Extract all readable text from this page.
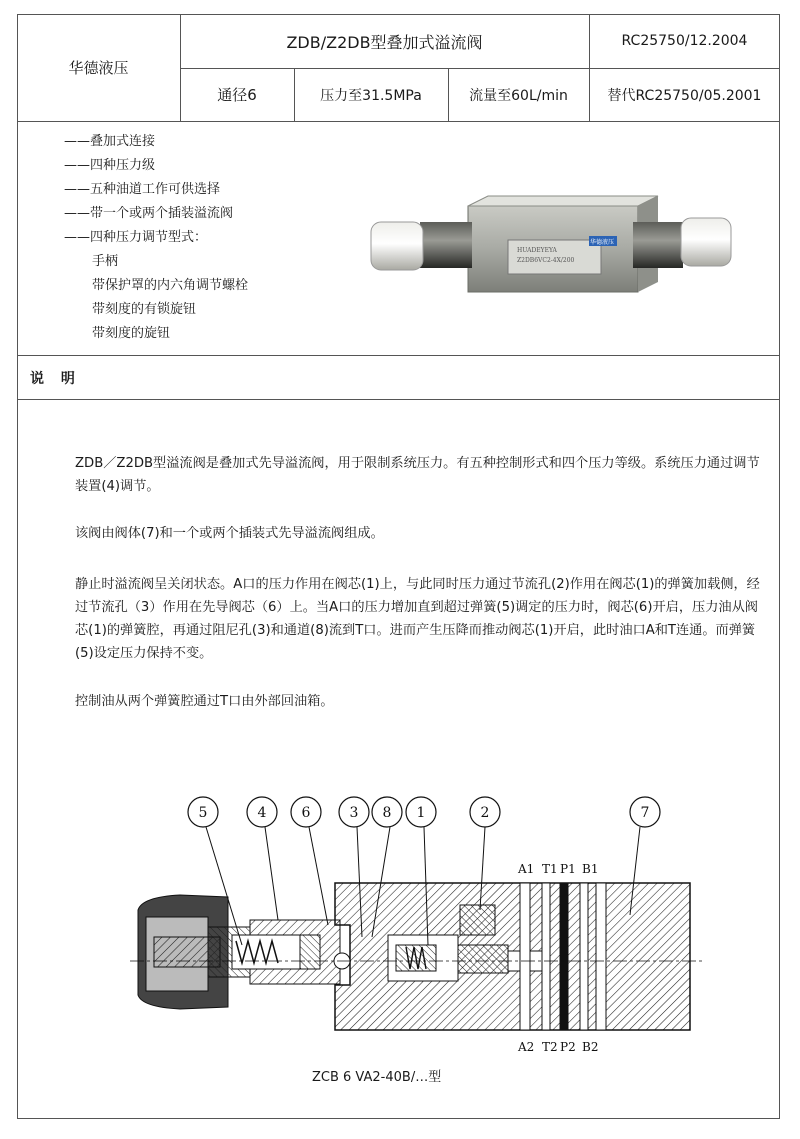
华德液压
ZDB/Z2DB型叠加式溢流阀	RC25750/12.2004
通径6	压力至31.5MPa	流量至60L/min	替代RC25750/05.2001
——叠加式连接
——四种压力级
——五种油道工作可供选择
——带一个或两个插装溢流阀
——四种压力调节型式：
手柄
带保护罩的内六角调节螺栓
带刻度的有锁旋钮
带刻度的旋钮
HUADEYEYA
Z2DB6VC2-4X/200
华德液压
说 明
ZDB／Z2DB型溢流阀是叠加式先导溢流阀，用于限制系统压力。有五种控制形式和四个压力等级。系统压力通过调节装置(4)调节。
该阀由阀体(7)和一个或两个插装式先导溢流阀组成。
静止时溢流阀呈关闭状态。A口的压力作用在阀芯(1)上，与此同时压力通过节流孔(2)作用在阀芯(1)的弹簧加载侧，经过节流孔（3）作用在先导阀芯（6）上。当A口的压力增加直到超过弹簧(5)调定的压力时，阀芯(6)开启，压力油从阀芯(1)的弹簧腔，再通过阻尼孔(3)和通道(8)流到T口。进而产生压降而推动阀芯(1)开启，此时油口A和T连通。而弹簧(5)设定压力保持不变。
控制油从两个弹簧腔通过T口由外部回油箱。
5	4	6	3 8 1	2	7
A1 T1 P1 B1
A2 T2 P2 B2
ZCB 6 VA2-40B/…型
